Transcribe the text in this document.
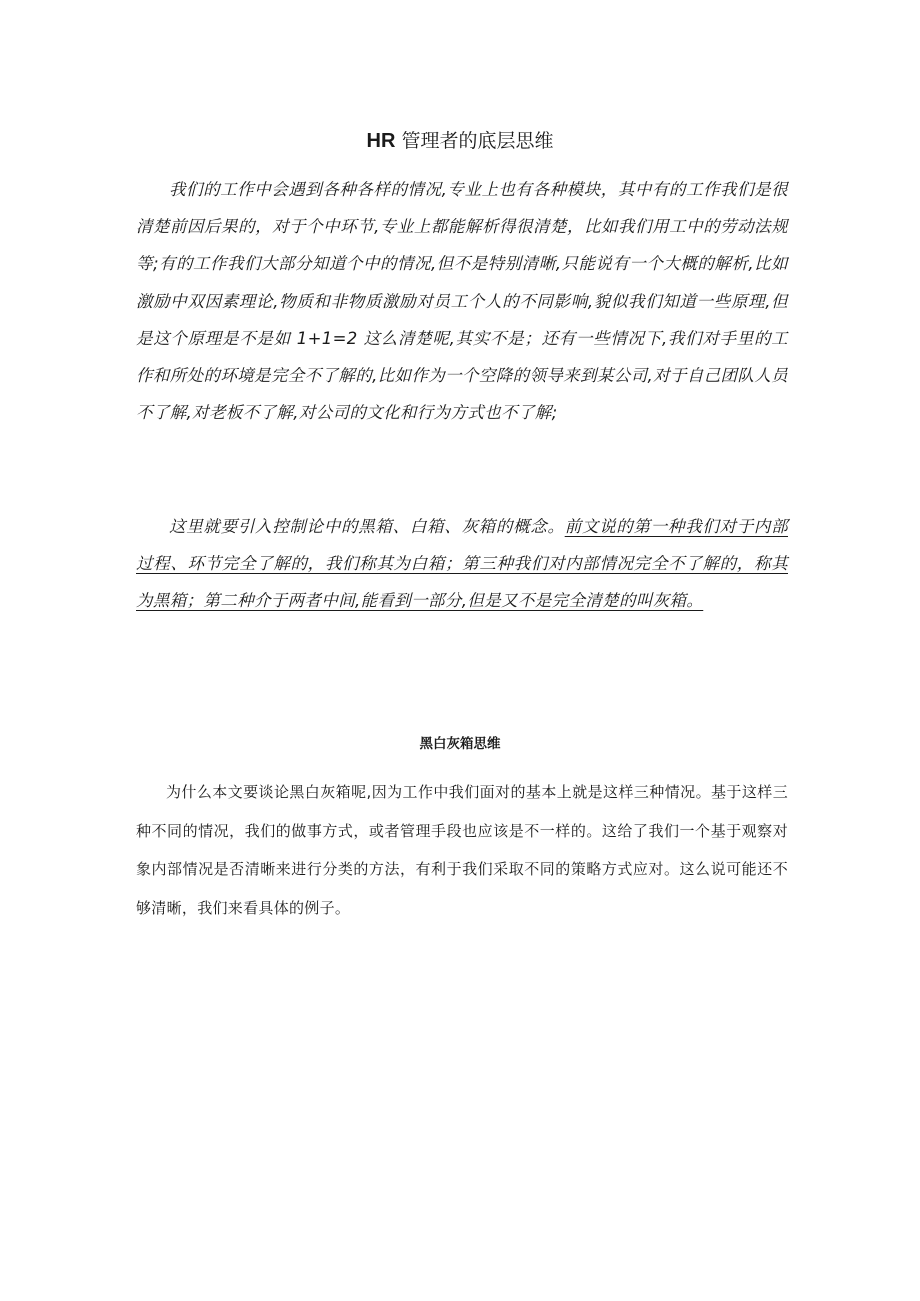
HR 管理者的底层思维

我们的工作中会遇到各种各样的情况,专业上也有各种模块，其中有的工作我们是很清楚前因后果的，对于个中环节,专业上都能解析得很清楚，比如我们用工中的劳动法规等;有的工作我们大部分知道个中的情况,但不是特别清晰,只能说有一个大概的解析,比如激励中双因素理论,物质和非物质激励对员工个人的不同影响,貌似我们知道一些原理,但是这个原理是不是如 1+1=2 这么清楚呢,其实不是；还有一些情况下,我们对手里的工作和所处的环境是完全不了解的,比如作为一个空降的领导来到某公司,对于自己团队人员不了解,对老板不了解,对公司的文化和行为方式也不了解;

这里就要引入控制论中的黑箱、白箱、灰箱的概念。前文说的第一种我们对于内部过程、环节完全了解的，我们称其为白箱；第三种我们对内部情况完全不了解的，称其为黑箱；第二种介于两者中间,能看到一部分,但是又不是完全清楚的叫灰箱。

黑白灰箱思维

为什么本文要谈论黑白灰箱呢,因为工作中我们面对的基本上就是这样三种情况。基于这样三种不同的情况，我们的做事方式，或者管理手段也应该是不一样的。这给了我们一个基于观察对象内部情况是否清晰来进行分类的方法，有利于我们采取不同的策略方式应对。这么说可能还不够清晰，我们来看具体的例子。
